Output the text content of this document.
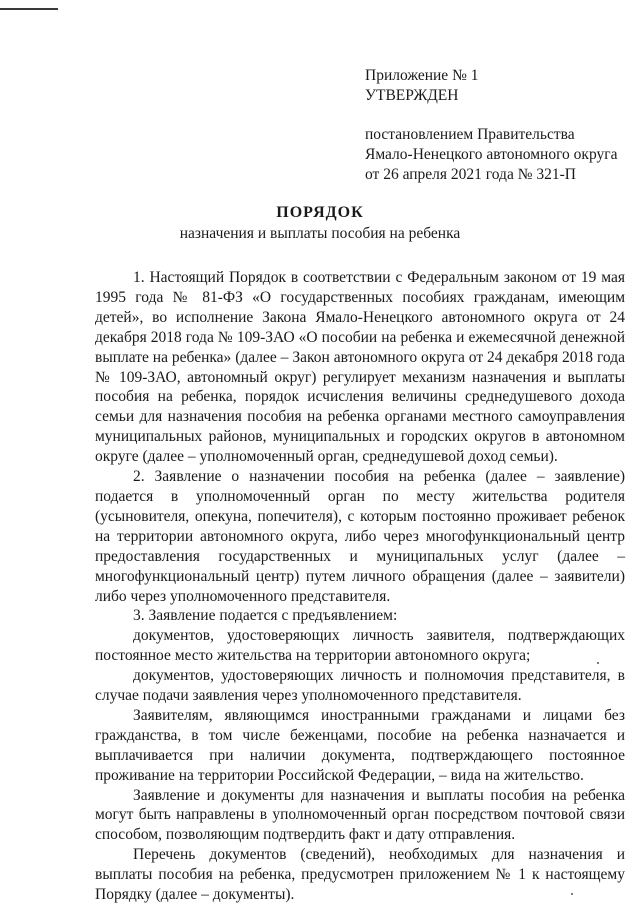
Приложение № 1
УТВЕРЖДЕН
постановлением Правительства
Ямало-Ненецкого автономного округа
от 26 апреля 2021 года № 321-П
ПОРЯДОК
назначения и выплаты пособия на ребенка

1. Настоящий Порядок в соответствии с Федеральным законом от 19 мая 1995 года № 81-ФЗ «О государственных пособиях гражданам, имеющим детей», во исполнение Закона Ямало-Ненецкого автономного округа от 24 декабря 2018 года № 109-ЗАО «О пособии на ребенка и ежемесячной денежной выплате на ребенка» (далее – Закон автономного округа от 24 декабря 2018 года № 109-ЗАО, автономный округ) регулирует механизм назначения и выплаты пособия на ребенка, порядок исчисления величины среднедушевого дохода семьи для назначения пособия на ребенка органами местного самоуправления муниципальных районов, муниципальных и городских округов в автономном округе (далее – уполномоченный орган, среднедушевой доход семьи).

2. Заявление о назначении пособия на ребенка (далее – заявление) подается в уполномоченный орган по месту жительства родителя (усыновителя, опекуна, попечителя), с которым постоянно проживает ребенок на территории автономного округа, либо через многофункциональный центр предоставления государственных и муниципальных услуг (далее – многофункциональный центр) путем личного обращения (далее – заявители) либо через уполномоченного представителя.

3. Заявление подается с предъявлением:

документов, удостоверяющих личность заявителя, подтверждающих постоянное место жительства на территории автономного округа;

документов, удостоверяющих личность и полномочия представителя, в случае подачи заявления через уполномоченного представителя.

Заявителям, являющимся иностранными гражданами и лицами без гражданства, в том числе беженцами, пособие на ребенка назначается и выплачивается при наличии документа, подтверждающего постоянное проживание на территории Российской Федерации, – вида на жительство.

Заявление и документы для назначения и выплаты пособия на ребенка могут быть направлены в уполномоченный орган посредством почтовой связи способом, позволяющим подтвердить факт и дату отправления.

Перечень документов (сведений), необходимых для назначения и выплаты пособия на ребенка, предусмотрен приложением № 1 к настоящему Порядку (далее – документы).
